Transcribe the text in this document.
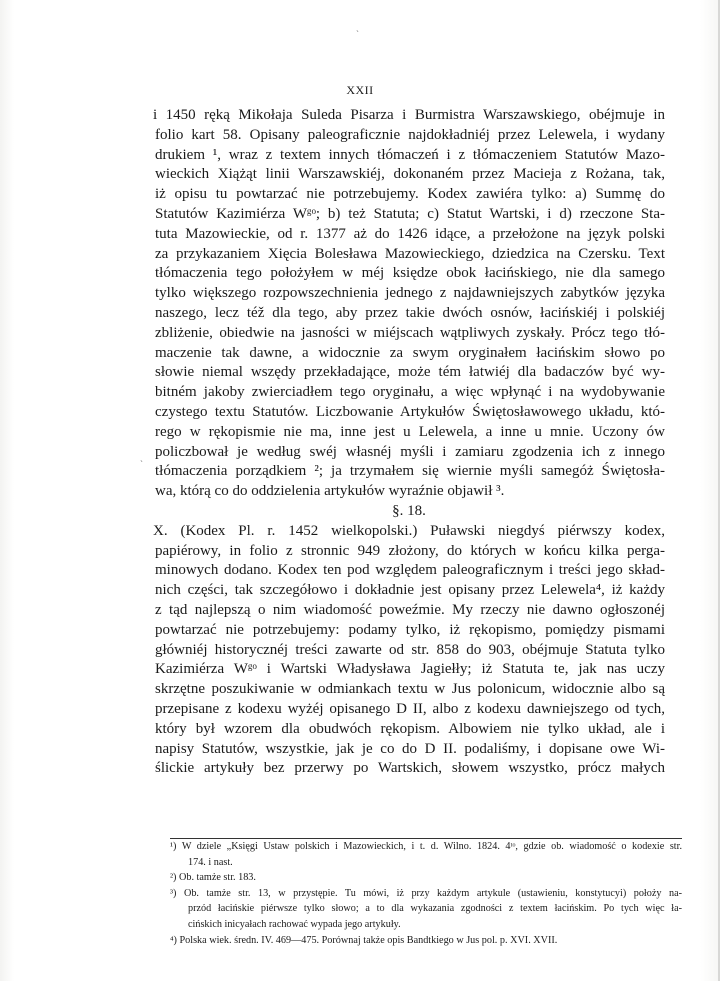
ˏ
ˎ
XXII
i 1450 ręką Mikołaja Suleda Pisarza i Burmistra Warszawskiego, obéjmuje in
folio kart 58. Opisany paleograficznie najdokładniéj przez Lelewela, i wydany
drukiem ¹, wraz z textem innych tłómaczeń i z tłómaczeniem Statutów Mazo-
wieckich Xiążąt linii Warszawskiéj, dokonaném przez Macieja z Rożana, tak,
iż opisu tu powtarzać nie potrzebujemy. Kodex zawiéra tylko: a) Summę do
Statutów Kazimiérza Wᵍᵒ; b) też Statuta; c) Statut Wartski, i d) rzeczone Sta-
tuta Mazowieckie, od r. 1377 aż do 1426 idące, a przełożone na język polski
za przykazaniem Xięcia Bolesława Mazowieckiego, dziedzica na Czersku. Text
tłómaczenia tego położyłem w méj księdze obok łacińskiego, nie dla samego
tylko większego rozpowszechnienia jednego z najdawniejszych zabytków języka
naszego, lecz též dla tego, aby przez takie dwóch osnów, łacińskiéj i polskiéj
zbliżenie, obiedwie na jasności w miéjscach wątpliwych zyskały. Prócz tego tłó-
maczenie tak dawne, a widocznie za swym oryginałem łacińskim słowo po
słowie niemal wszędy przekładające, może tém łatwiéj dla badaczów być wy-
bitném jakoby zwierciadłem tego oryginału, a więc wpłynąć i na wydobywanie
czystego textu Statutów. Liczbowanie Artykułów Świętosławowego układu, któ-
rego w rękopismie nie ma, inne jest u Lelewela, a inne u mnie. Uczony ów
policzbował je według swéj własnéj myśli i zamiaru zgodzenia ich z innego
tłómaczenia porządkiem ²; ja trzymałem się wiernie myśli samegóż Świętosła-
wa, którą co do oddzielenia artykułów wyraźnie objawił ³.
§. 18.
X. (Kodex Pl. r. 1452 wielkopolski.) Puławski niegdyś piérwszy kodex,
papiérowy, in folio z stronnic 949 złożony, do których w końcu kilka perga-
minowych dodano. Kodex ten pod względem paleograficznym i treści jego skład-
nich części, tak szczegółowo i dokładnie jest opisany przez Lelewela⁴, iż każdy
z tąd najlepszą o nim wiadomość poweźmie. My rzeczy nie dawno ogłoszonéj
powtarzać nie potrzebujemy: podamy tylko, iż rękopismo, pomiędzy pismami
główniéj historycznéj treści zawarte od str. 858 do 903, obéjmuje Statuta tylko
Kazimiérza Wᵍᵒ i Wartski Władysława Jagiełły; iż Statuta te, jak nas uczy
skrzętne poszukiwanie w odmiankach textu w Jus polonicum, widocznie albo są
przepisane z kodexu wyżéj opisanego D II, albo z kodexu dawniejszego od tych,
który był wzorem dla obudwóch rękopism. Albowiem nie tylko układ, ale i
napisy Statutów, wszystkie, jak je co do D II. podaliśmy, i dopisane owe Wi-
ślickie artykuły bez przerwy po Wartskich, słowem wszystko, prócz małych
¹) W dziele „Księgi Ustaw polskich i Mazowieckich, i t. d. Wilno. 1824. 4ᵗᵒ, gdzie ob. wiadomość o kodexie str.
174. i nast.
²) Ob. tamże str. 183.
³) Ob. tamże str. 13, w przystępie. Tu mówi, iż przy każdym artykule (ustawieniu, konstytucyi) położy na-
przód łacińskie piérwsze tylko słowo; a to dla wykazania zgodności z textem łacińskim. Po tych więc ła-
cińskich inicyałach rachować wypada jego artykuły.
⁴) Polska wiek. średn. IV. 469—475. Porównaj także opis Bandtkiego w Jus pol. p. XVI. XVII.
